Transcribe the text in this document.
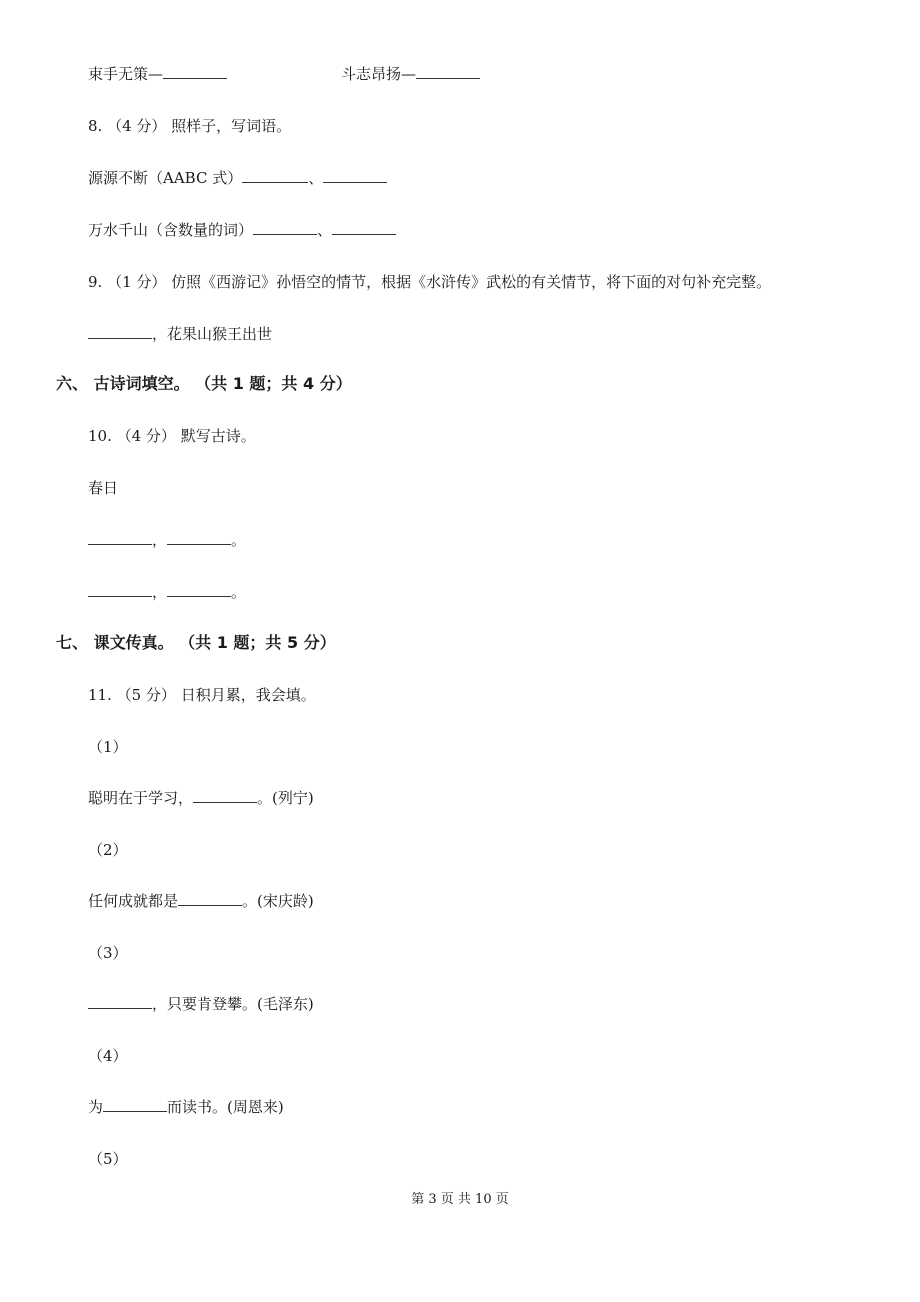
束手无策—	斗志昂扬—
8. （4 分） 照样子，写词语。
源源不断（AABC 式）	、
万水千山（含数量的词）	、
9. （1 分） 仿照《西游记》孙悟空的情节，根据《水浒传》武松的有关情节，将下面的对句补充完整。
，花果山猴王出世
六、 古诗词填空。 （共 1 题；共 4 分）
10. （4 分） 默写古诗。
春日
，	。
，	。
七、 课文传真。 （共 1 题；共 5 分）
11. （5 分） 日积月累，我会填。
（1）
聪明在于学习，	。(列宁)
（2）
任何成就都是	。(宋庆龄)
（3）
，只要肯登攀。(毛泽东)
（4）
为	而读书。(周恩来)
（5）
第 3 页 共 10 页
